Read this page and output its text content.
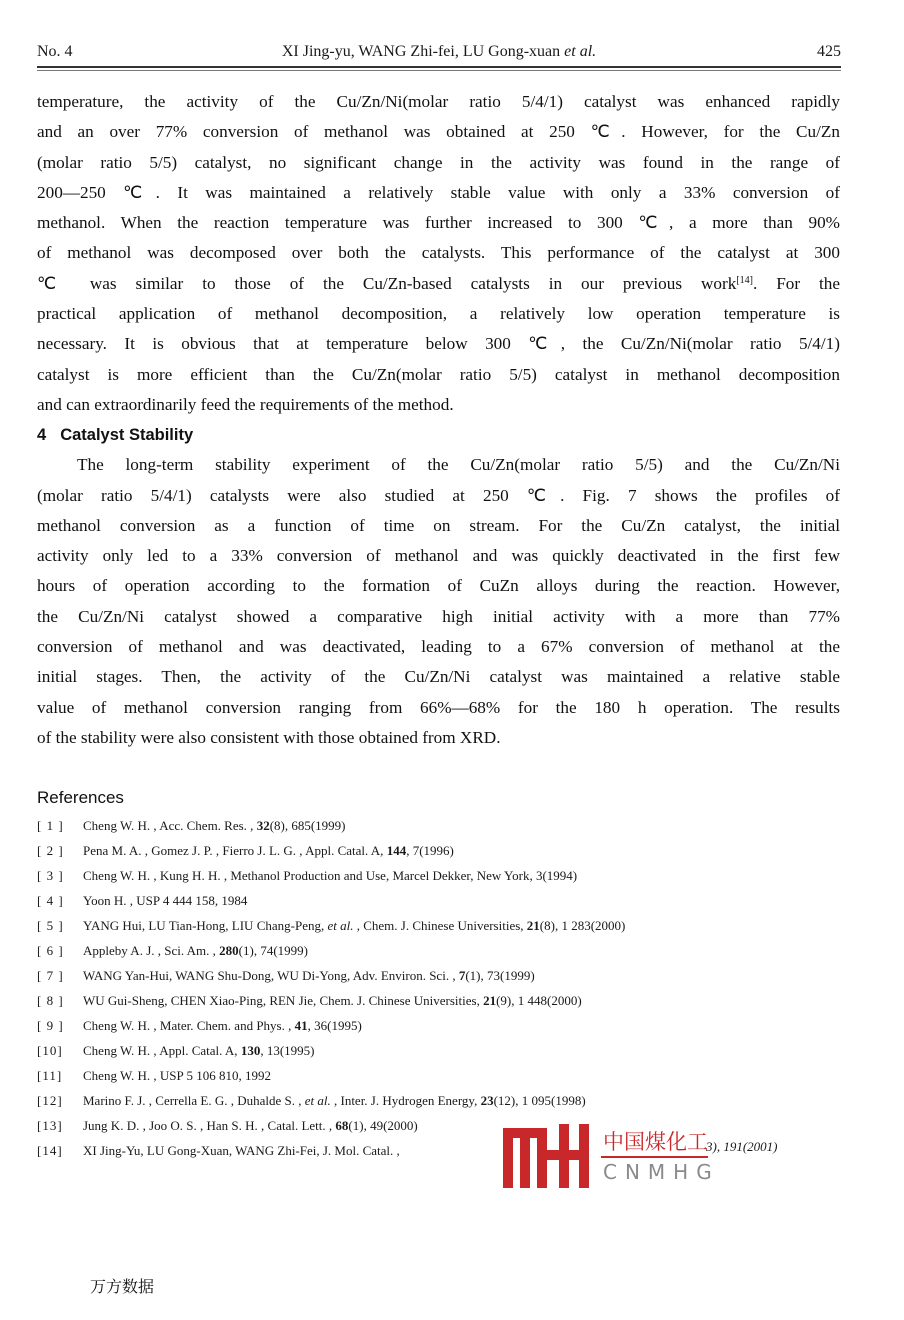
No. 4	XI Jing-yu, WANG Zhi-fei, LU Gong-xuan et al.	425

temperature, the activity of the Cu/Zn/Ni(molar ratio 5/4/1) catalyst was enhanced rapidly
and an over 77% conversion of methanol was obtained at 250 ℃. However, for the Cu/Zn
(molar ratio 5/5) catalyst, no significant change in the activity was found in the range of
200—250 ℃. It was maintained a relatively stable value with only a 33% conversion of
methanol. When the reaction temperature was further increased to 300 ℃, a more than 90%
of methanol was decomposed over both the catalysts. This performance of the catalyst at 300
℃ was similar to those of the Cu/Zn-based catalysts in our previous work[14]. For the
practical application of methanol decomposition, a relatively low operation temperature is
necessary. It is obvious that at temperature below 300 ℃, the Cu/Zn/Ni(molar ratio 5/4/1)
catalyst is more efficient than the Cu/Zn(molar ratio 5/5) catalyst in methanol decomposition
and can extraordinarily feed the requirements of the method.

4 Catalyst Stability

The long-term stability experiment of the Cu/Zn(molar ratio 5/5) and the Cu/Zn/Ni
(molar ratio 5/4/1) catalysts were also studied at 250 ℃. Fig. 7 shows the profiles of
methanol conversion as a function of time on stream. For the Cu/Zn catalyst, the initial
activity only led to a 33% conversion of methanol and was quickly deactivated in the first few
hours of operation according to the formation of CuZn alloys during the reaction. However,
the Cu/Zn/Ni catalyst showed a comparative high initial activity with a more than 77%
conversion of methanol and was deactivated, leading to a 67% conversion of methanol at the
initial stages. Then, the activity of the Cu/Zn/Ni catalyst was maintained a relative stable
value of methanol conversion ranging from 66%—68% for the 180 h operation. The results
of the stability were also consistent with those obtained from XRD.

References
[ 1 ] Cheng W. H. , Acc. Chem. Res. , 32(8), 685(1999)
[ 2 ] Pena M. A. , Gomez J. P. , Fierro J. L. G. , Appl. Catal. A, 144, 7(1996)
[ 3 ] Cheng W. H. , Kung H. H. , Methanol Production and Use, Marcel Dekker, New York, 3(1994)
[ 4 ] Yoon H. , USP 4 444 158, 1984
[ 5 ] YANG Hui, LU Tian-Hong, LIU Chang-Peng, et al. , Chem. J. Chinese Universities, 21(8), 1 283(2000)
[ 6 ] Appleby A. J. , Sci. Am. , 280(1), 74(1999)
[ 7 ] WANG Yan-Hui, WANG Shu-Dong, WU Di-Yong, Adv. Environ. Sci. , 7(1), 73(1999)
[ 8 ] WU Gui-Sheng, CHEN Xiao-Ping, REN Jie, Chem. J. Chinese Universities, 21(9), 1 448(2000)
[ 9 ] Cheng W. H. , Mater. Chem. and Phys. , 41, 36(1995)
[10] Cheng W. H. , Appl. Catal. A, 130, 13(1995)
[11] Cheng W. H. , USP 5 106 810, 1992
[12] Marino F. J. , Cerrella E. G. , Duhalde S. , et al. , Inter. J. Hydrogen Energy, 23(12), 1 095(1998)
[13] Jung K. D. , Joo O. S. , Han S. H. , Catal. Lett. , 68(1), 49(2000)
[14] XI Jing-Yu, LU Gong-Xuan, WANG Zhi-Fei, J. Mol. Catal. ,	中国煤化工
CNMHG
3), 191(2001)
万方数据
